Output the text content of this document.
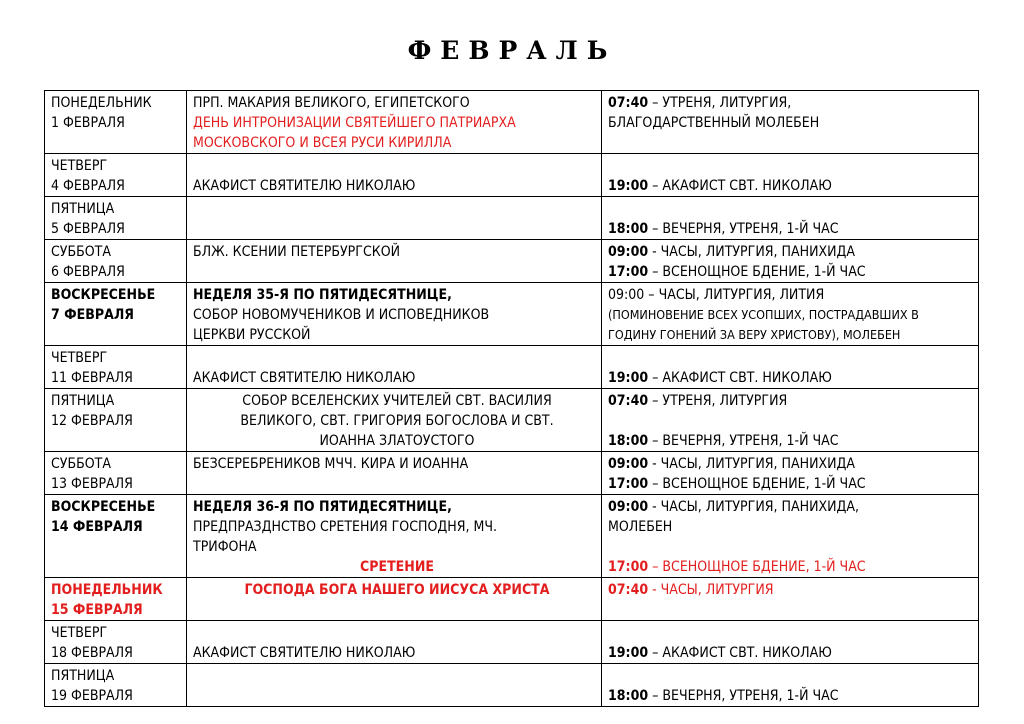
ФЕВРАЛЬ
ПОНЕДЕЛЬНИК
1 ФЕВРАЛЯ	ПРП. МАКАРИЯ ВЕЛИКОГО, ЕГИПЕТСКОГО
ДЕНЬ ИНТРОНИЗАЦИИ СВЯТЕЙШЕГО ПАТРИАРХА
МОСКОВСКОГО И ВСЕЯ РУСИ КИРИЛЛА	07:40 – УТРЕНЯ, ЛИТУРГИЯ,
БЛАГОДАРСТВЕННЫЙ МОЛЕБЕН

ЧЕТВЕРГ
4 ФЕВРАЛЯ	АКАФИСТ СВЯТИТЕЛЮ НИКОЛАЮ	19:00 – АКАФИСТ СВТ. НИКОЛАЮ

ПЯТНИЦА
5 ФЕВРАЛЯ		18:00 – ВЕЧЕРНЯ, УТРЕНЯ, 1-Й ЧАС

СУББОТА
6 ФЕВРАЛЯ	БЛЖ. КСЕНИИ ПЕТЕРБУРГСКОЙ	09:00 - ЧАСЫ, ЛИТУРГИЯ, ПАНИХИДА
17:00 – ВСЕНОЩНОЕ БДЕНИЕ, 1-Й ЧАС

ВОСКРЕСЕНЬЕ
7 ФЕВРАЛЯ	НЕДЕЛЯ 35-Я ПО ПЯТИДЕСЯТНИЦЕ,
СОБОР НОВОМУЧЕНИКОВ И ИСПОВЕДНИКОВ
ЦЕРКВИ РУССКОЙ	09:00 – ЧАСЫ, ЛИТУРГИЯ, ЛИТИЯ
(ПОМИНОВЕНИЕ ВСЕХ УСОПШИХ, ПОСТРАДАВШИХ В
ГОДИНУ ГОНЕНИЙ ЗА ВЕРУ ХРИСТОВУ), МОЛЕБЕН

ЧЕТВЕРГ
11 ФЕВРАЛЯ	АКАФИСТ СВЯТИТЕЛЮ НИКОЛАЮ	19:00 – АКАФИСТ СВТ. НИКОЛАЮ

ПЯТНИЦА
12 ФЕВРАЛЯ	СОБОР ВСЕЛЕНСКИХ УЧИТЕЛЕЙ СВТ. ВАСИЛИЯ
ВЕЛИКОГО, СВТ. ГРИГОРИЯ БОГОСЛОВА И СВТ.
ИОАННА ЗЛАТОУСТОГО	07:40 – УТРЕНЯ, ЛИТУРГИЯ
18:00 – ВЕЧЕРНЯ, УТРЕНЯ, 1-Й ЧАС

СУББОТА
13 ФЕВРАЛЯ	БЕЗСЕРЕБРЕНИКОВ МЧЧ. КИРА И ИОАННА	09:00 - ЧАСЫ, ЛИТУРГИЯ, ПАНИХИДА
17:00 – ВСЕНОЩНОЕ БДЕНИЕ, 1-Й ЧАС

ВОСКРЕСЕНЬЕ
14 ФЕВРАЛЯ	НЕДЕЛЯ 36-Я ПО ПЯТИДЕСЯТНИЦЕ,
ПРЕДПРАЗДНСТВО СРЕТЕНИЯ ГОСПОДНЯ, МЧ.
ТРИФОНА
СРЕТЕНИЕ	09:00 - ЧАСЫ, ЛИТУРГИЯ, ПАНИХИДА,
МОЛЕБЕН
17:00 – ВСЕНОЩНОЕ БДЕНИЕ, 1-Й ЧАС

ПОНЕДЕЛЬНИК
15 ФЕВРАЛЯ	ГОСПОДА БОГА НАШЕГО ИИСУСА ХРИСТА	07:40 - ЧАСЫ, ЛИТУРГИЯ

ЧЕТВЕРГ
18 ФЕВРАЛЯ	АКАФИСТ СВЯТИТЕЛЮ НИКОЛАЮ	19:00 – АКАФИСТ СВТ. НИКОЛАЮ

ПЯТНИЦА
19 ФЕВРАЛЯ		18:00 – ВЕЧЕРНЯ, УТРЕНЯ, 1-Й ЧАС
